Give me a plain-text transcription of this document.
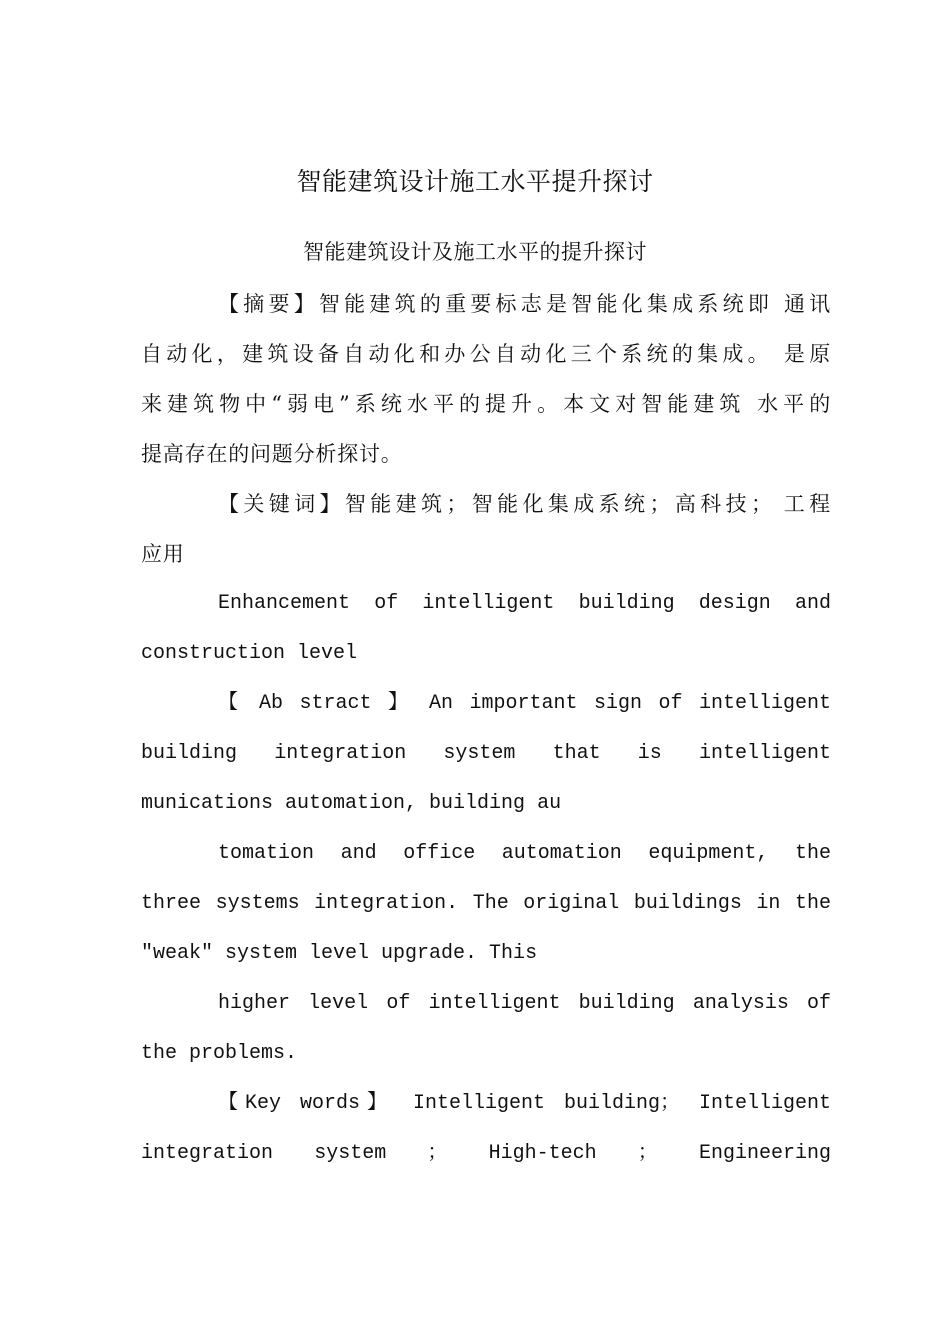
智能建筑设计施工水平提升探讨
智能建筑设计及施工水平的提升探讨
【摘要】智能建筑的重要标志是智能化集成系统即 通讯
自动化，建筑设备自动化和办公自动化三个系统的集成。 是原
来建筑物中“弱电”系统水平的提升。本文对智能建筑 水平的
提高存在的问题分析探讨。
【关键词】智能建筑；智能化集成系统；高科技； 工程
应用
Enhancement of intelligent building design and
construction level
【 Ab stract 】 An important sign of intelligent
building integration system that is intelligent
munications automation, building au
tomation and office automation equipment, the
three systems integration. The original buildings in the
"weak" system level upgrade. This
higher level of intelligent building analysis of
the problems.
【Key words】 Intelligent building； Intelligent
integration system ； High-tech ； Engineering
